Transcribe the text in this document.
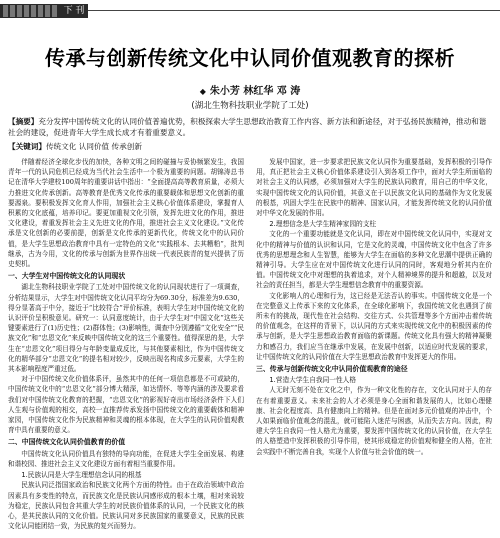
下 刊 行
传承与创新传统文化中认同价值观教育的探析
◆ 朱小芳 林红华 邓 涛
(湖北生物科技职业学院了工处)
【摘要】充分发挥中国传统文化的认同价值普遍优势，积极探索大学生思想政治教育工作内容、新方法和新途径，对于弘扬民族精神，推动和谐社会的建设，促进青年大学生成长成才有着重要意义。
【关键词】传统文化 认同价值 传承创新

伴随着经济全球化步伐的加快，各种文明之间的碰撞与妥协频繁发生，我国青年一代的认同危机已经成为当代社会生活中一个极为重要的问题。胡锦涛总书记在清华大学建校100周年的重要讲话中指出：“全面提高高等教育质量，必须大力推进文化传承创新。高等教育是优秀文化传承的重要载体和思想文化创新的重要源泉。要积极发挥文化育人作用，加强社会主义核心价值体系建设，掌握育人积累的文化底蕴，培养印记。要更加重视文化引领，发挥先进文化的作用，推进文化建设，着重发挥社会主义先进文化的作用，推进社会主义文化建设。”文化传承是文化创新的必要前提，创新是文化传承的更新代化，传统文化中的认同价值，是大学生思想政治教育中具有一定特色的文化“实践根本、去其糟粕”，批判继承，古为今用，文化的传承与创新为世界作出统一代表民族青的复兴提供了历史契机。

一、大学生对中国传统文化的认同现状

湖北生物科技职业学院了工处对中国传统文化的认同现状进行了一项调查，分析结果显示，大学生对中国传统文化认同平均分为69.30分，标准差为9.630，得分显著高于中分，接近于“比较符合”评价标准，表明大学生对中国传统文化的认识评价呈积极意见。研究一：认同意度统计，由于大学生对“中国文化”这些关键要素进行了(1)历史性；(2)群体性；(3)影响性，调查中分别遵循“文化安全”“民族文化”和“忠恩文化”来反映中国传统文化的这三个重要性。值得深思的是，大学生在“忠恩文化”项目得分与年龄变量成反比，与其他要素相比，作为中国传统文化的精华部分“忠恩文化”的提名相对较少，反映出现名构成多元要素，大学生的其本影响程度严重过低。

对于中国传统文化价值体系评，虽然其中的任何一项信息都是不可或缺的，中国传统文化中的“忠恩文化”部分博大精深，如达情怀、等等内涵的涉及要求看我们对中国传统文化教育的把握，“忠恩文化”的影视好奇出市场经济条件下人们人生观与价值观的相交，高校一直推荐传承发扬中国传统文化的重要载体和精神家园，中国传统文化作为民族精神和灵魂的根本体现，在大学生的认同价值观教育中具有重要的意义。

二、中国传统文化认同价值教育的价值

中国传统文化认同价值具有独特的导向功能，在促进大学生全面发展、构建和谐校园、推进社会主义文化建设方面有着相当重要作用。

1.民族认同是大学生理想信念认同的根基

民族认同泛指国家政治和民族文化两个方面的特性。由于在政治领域中政治因素具有多变性的特点，而民族文化是民族认同感形成的根本土壤，相对来说较为稳定，民族认同包含其重大学生的对民族价值体系的认同，一个民族文化的核心，是其民族认同的文化价值。民族认同对多民族国家的重要意义，民族的民族文化认同能团结一致，为民族的复兴而努力。

发展中国家，进一步要求把民族文化认同作为重要基础，发挥积极的引导作用，真正把社会主义核心价值体系建设引入到各项工作中，面对大学生所面临的对社会主义的认同感，必须加强对大学生的民族认同教育，用自己的中华文化，实现中国传统文化的认同价值，其意义在于以民族文化认同的基础作为文化发展的根基，巩固大学生在民族中的精神、国家认同，才能发挥传统文化的认同价值对中华文化发展的作用。

2.理想信念是大学生精神家园的支柱

文化的一个重要功能就是文化认同，即在对中国传统文化认同中，实现对文化中的精神与价值的认识和认同，它是文化的灵魂，中国传统文化中包含了许多优秀的思想理念和人生智慧，能够为大学生在面临的多种文化思潮中提供正确的精神引导。大学生应在对中国传统文化进行认同的同时，客观地分析其内在价值。中国传统文化中对理想的执着追求，对个人精神境界的提升和超越，以及对社会的责任担当，都是大学生理想信念教育中的重要资源。

文化影响人的心理和行为，这已经是无法否认的事实。中国传统文化是一个在完整意义上传承下来的文化体系，在全球化影响下，我国传统文化也遇到了前所未有的挑战，现代性在社会结构、交往方式、公共管理等多个方面冲击着传统的价值观念，在这样的背景下，以认同的方式来实现传统文化中的积极因素的传承与创新，是大学生思想政治教育面临的新课题。传统文化具有强大的精神凝聚力和感召力，我们应当在继承中发展，在发展中创新，以适应时代发展的要求，让中国传统文化的认同价值在大学生思想政治教育中发挥更大的作用。

三、传承与创新传统文化中认同价值观教育的途径

1.营造大学生自我同一性人格

人无时无刻不处在文化之中，作为一种文化性的存在，文化认同对于人的存在有着重要意义。未来社会的人才必须是身心全面和谐发展的人，比如心理健康、社会化程度高、具有健康向上的精神。但是在面对多元价值观的冲击中，个人如果面临价值观念的混乱，就可能陷入迷茫与困惑，从而失去方向。因此，构建大学生自我同一性人格尤为重要，要发挥中国传统文化的认同价值，在大学生的人格塑造中发挥积极的引导作用，使其形成稳定的价值观和健全的人格，在社会实践中不断完善自我，实现个人价值与社会价值的统一。
